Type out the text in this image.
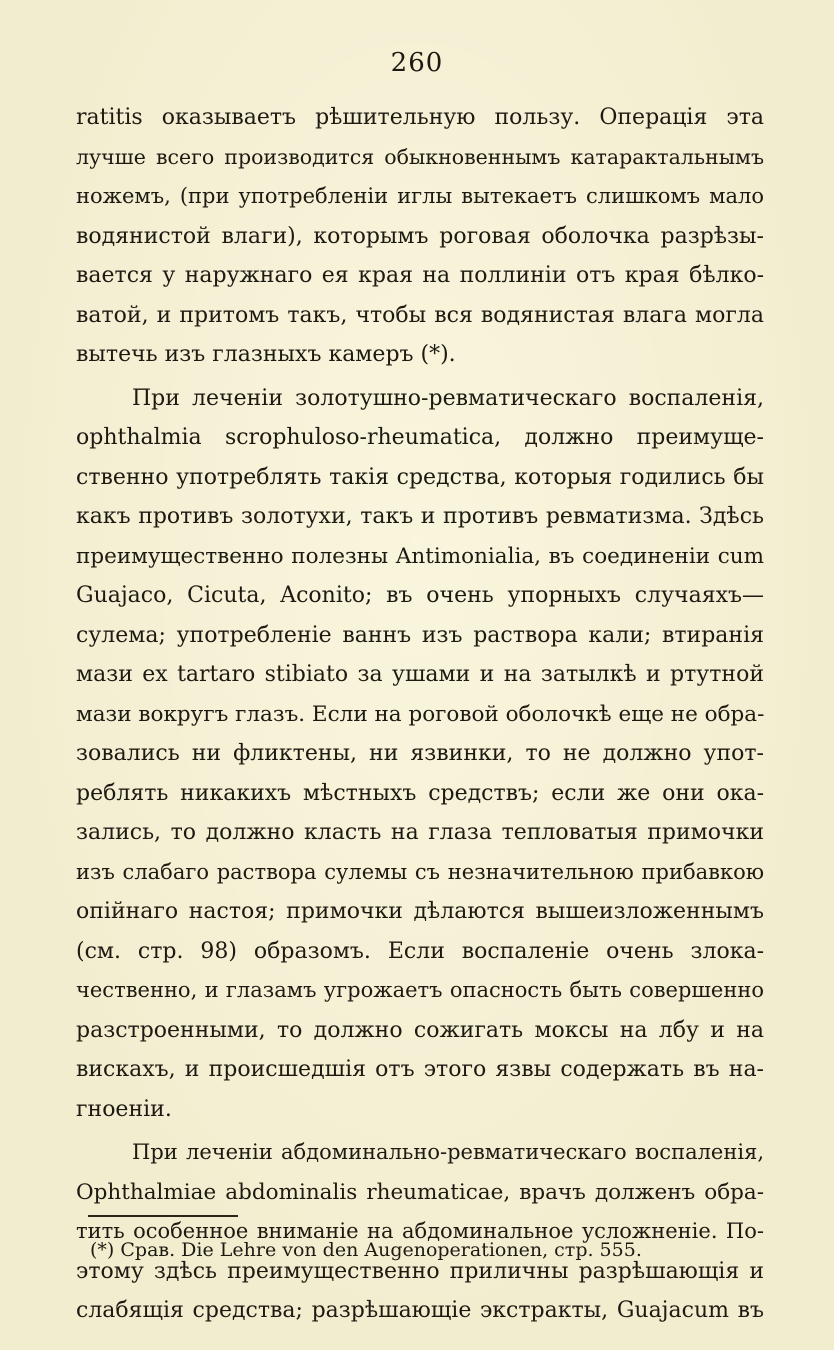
260
ratitis оказываетъ рѣшительную пользу. Операція эта
лучше всего производится обыкновеннымъ катарактальнымъ
ножемъ, (при употребленіи иглы вытекаетъ слишкомъ мало
водянистой влаги), которымъ роговая оболочка разрѣзы-
вается у наружнаго ея края на поллиніи отъ края бѣлко-
ватой, и притомъ такъ, чтобы вся водянистая влага могла
вытечь изъ глазныхъ камеръ (*).
При леченіи золотушно-ревматическаго воспаленія,
ophthalmia scrophuloso-rheumatica, должно преимуще-
ственно употреблять такія средства, которыя годились бы
какъ противъ золотухи, такъ и противъ ревматизма. Здѣсь
преимущественно полезны Antimonialia, въ соединеніи cum
Guajaco, Cicuta, Aconito; въ очень упорныхъ случаяхъ—
сулема; употребленіе ваннъ изъ раствора кали; втиранія
мази ex tartaro stibiato за ушами и на затылкѣ и ртутной
мази вокругъ глазъ. Если на роговой оболочкѣ еще не обра-
зовались ни фликтены, ни язвинки, то не должно упот-
реблять никакихъ мѣстныхъ средствъ; если же они ока-
зались, то должно класть на глаза тепловатыя примочки
изъ слабаго раствора сулемы съ незначительною прибавкою
опійнаго настоя; примочки дѣлаются вышеизложеннымъ
(см. стр. 98) образомъ. Если воспаленіе очень злока-
чественно, и глазамъ угрожаетъ опасность быть совершенно
разстроенными, то должно сожигать моксы на лбу и на
вискахъ, и происшедшія отъ этого язвы содержать въ на-
гноеніи.
При леченіи абдоминально-ревматическаго воспаленія,
Ophthalmiae abdominalis rheumaticae, врачъ долженъ обра-
тить особенное вниманіе на абдоминальное усложненіе. По-
этому здѣсь преимущественно приличны разрѣшающія и
слабящія средства; разрѣшающіе экстракты, Guajacum въ
(*) Срав. Die Lehre von den Augenoperationen, стр. 555.
